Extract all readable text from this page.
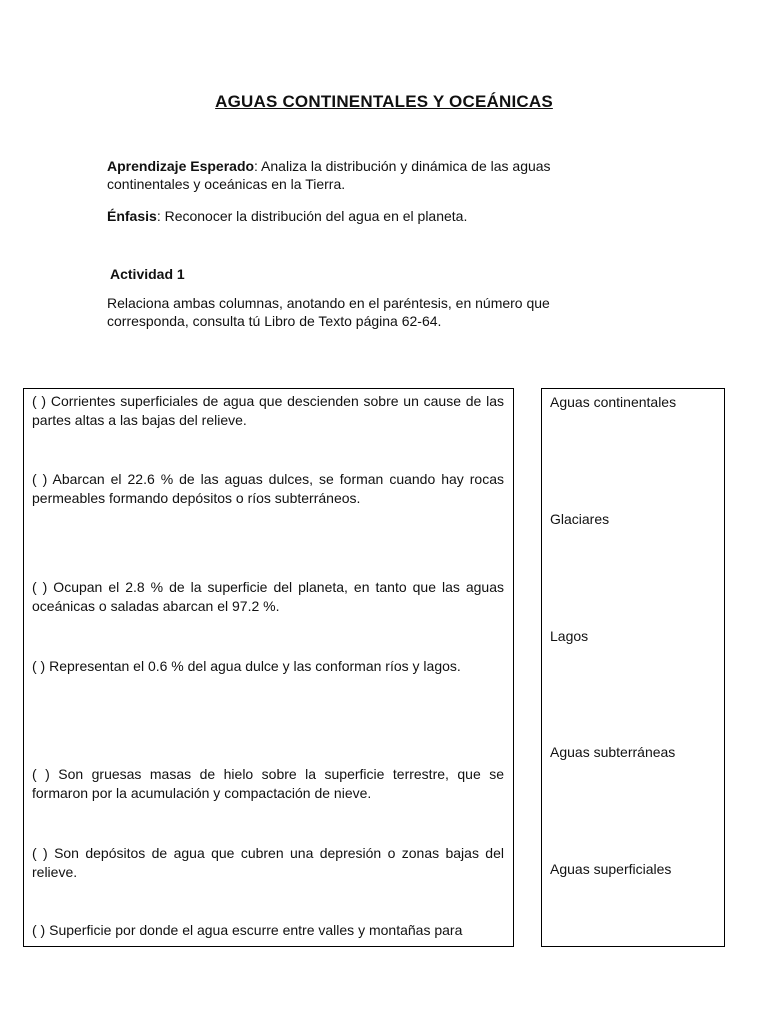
AGUAS CONTINENTALES Y OCEÁNICAS
Aprendizaje Esperado: Analiza la distribución y dinámica de las aguas continentales y oceánicas en la Tierra.
Énfasis: Reconocer la distribución del agua en el planeta.
Actividad 1
Relaciona ambas columnas, anotando en el paréntesis, en número que corresponda, consulta tú Libro de Texto página 62-64.
( ) Corrientes superficiales de agua que descienden sobre un cause de las partes altas a las bajas del relieve.
( ) Abarcan el 22.6 % de las aguas dulces, se forman cuando hay rocas permeables formando depósitos o ríos subterráneos.
( ) Ocupan el 2.8 % de la superficie del planeta, en tanto que las aguas oceánicas o saladas abarcan el 97.2 %.
( ) Representan el 0.6 % del agua dulce y las conforman ríos y lagos.
( ) Son gruesas masas de hielo sobre la superficie terrestre, que se formaron por la acumulación y compactación de nieve.
( ) Son depósitos de agua que cubren una depresión o zonas bajas del relieve.
( ) Superficie por donde el agua escurre entre valles y montañas para
Aguas continentales
Glaciares
Lagos
Aguas subterráneas
Aguas superficiales
